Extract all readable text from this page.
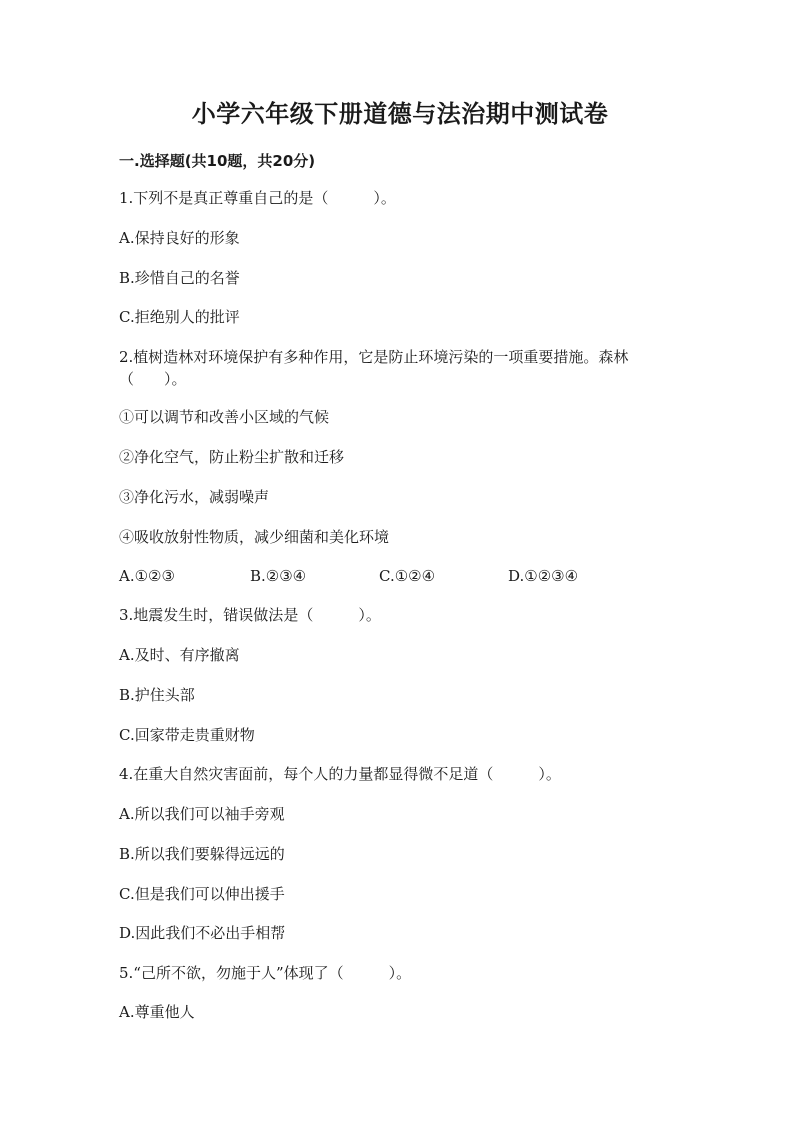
小学六年级下册道德与法治期中测试卷
一.选择题(共10题，共20分)
1.下列不是真正尊重自己的是（　　　）。
A.保持良好的形象
B.珍惜自己的名誉
C.拒绝别人的批评
2.植树造林对环境保护有多种作用，它是防止环境污染的一项重要措施。森林
（　　）。
①可以调节和改善小区域的气候
②净化空气，防止粉尘扩散和迁移
③净化污水，减弱噪声
④吸收放射性物质，减少细菌和美化环境
A.①②③	B.②③④	C.①②④	D.①②③④
3.地震发生时，错误做法是（　　　）。
A.及时、有序撤离
B.护住头部
C.回家带走贵重财物
4.在重大自然灾害面前，每个人的力量都显得微不足道（　　　）。
A.所以我们可以袖手旁观
B.所以我们要躲得远远的
C.但是我们可以伸出援手
D.因此我们不必出手相帮
5.“己所不欲，勿施于人”体现了（　　　）。
A.尊重他人
